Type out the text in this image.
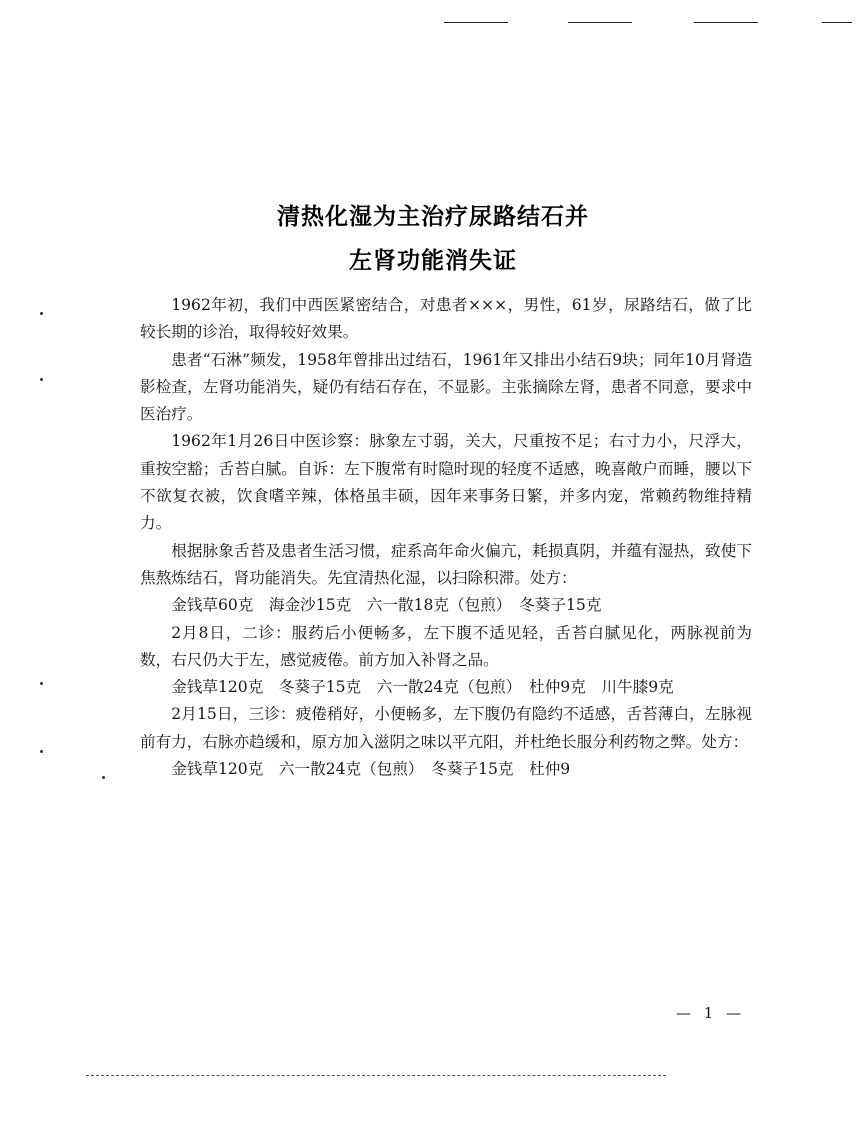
清热化湿为主治疗尿路结石并
左肾功能消失证

1962年初，我们中西医紧密结合，对患者×××，男性，61岁，尿路结石，做了比较长期的诊治，取得较好效果。

患者“石淋”频发，1958年曾排出过结石，1961年又排出小结石9块；同年10月肾造影检查，左肾功能消失，疑仍有结石存在，不显影。主张摘除左肾，患者不同意，要求中医治疗。

1962年1月26日中医诊察：脉象左寸弱，关大，尺重按不足；右寸力小，尺浮大，重按空豁；舌苔白腻。自诉：左下腹常有时隐时现的轻度不适感，晚喜敞户而睡，腰以下不欲复衣被，饮食嗜辛辣，体格虽丰硕，因年来事务日繁，并多内宠，常赖药物维持精力。

根据脉象舌苔及患者生活习惯，症系高年命火偏亢，耗损真阴，并蕴有湿热，致使下焦熬炼结石，肾功能消失。先宜清热化湿，以扫除积滞。处方：

金钱草60克　海金沙15克　六一散18克（包煎）　冬葵子15克

2月8日，二诊：服药后小便畅多，左下腹不适见轻，舌苔白腻见化，两脉视前为数，右尺仍大于左，感觉疲倦。前方加入补肾之品。

金钱草120克　冬葵子15克　六一散24克（包煎）　杜仲9克　川牛膝9克

2月15日，三诊：疲倦稍好，小便畅多，左下腹仍有隐约不适感，舌苔薄白，左脉视前有力，右脉亦趋缓和，原方加入滋阴之味以平亢阳，并杜绝长服分利药物之弊。处方：

金钱草120克　六一散24克（包煎）　冬葵子15克　杜仲9

— 1 —
